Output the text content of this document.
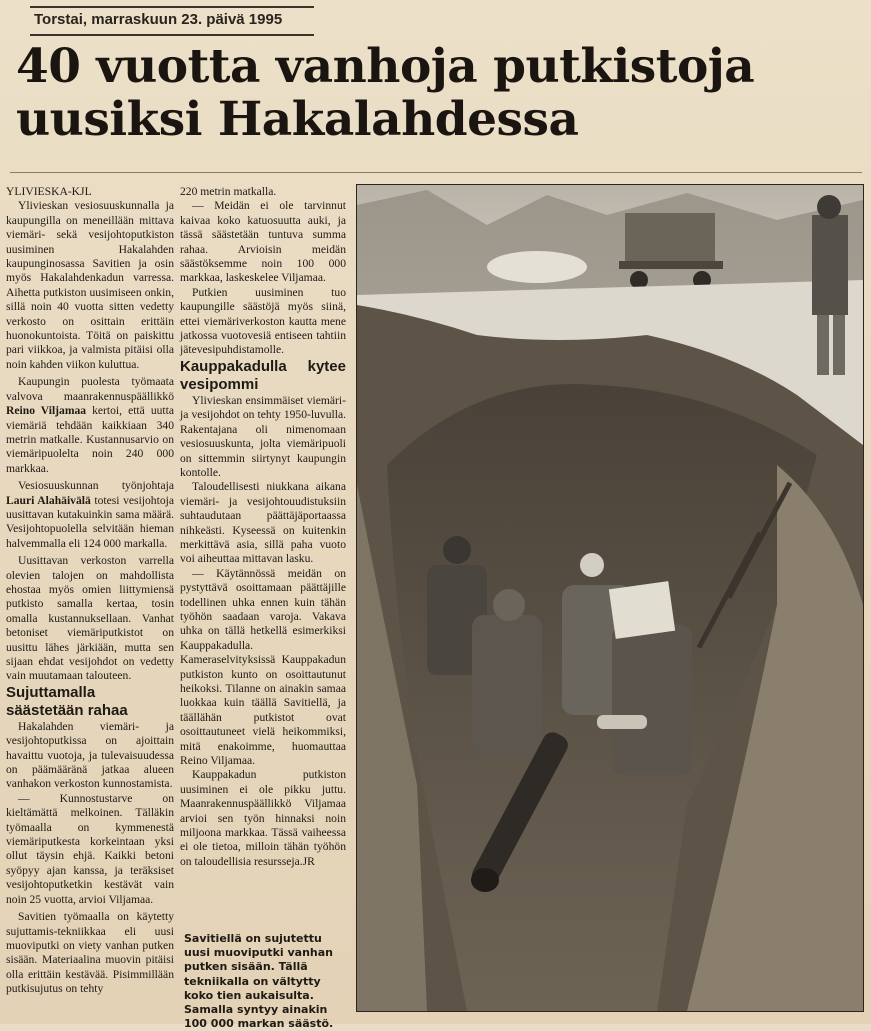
Torstai, marraskuun 23. päivä 1995
40 vuotta vanhoja putkistoja uusiksi Hakalahdessa

YLIVIESKA-KJL

Ylivieskan vesiosuuskunnalla ja kaupungilla on meneillään mittava viemäri- sekä vesijohtoputkiston uusiminen Hakalahden kaupunginosassa Savitien ja osin myös Hakalahdenkadun varressa. Aihetta putkiston uusimiseen onkin, sillä noin 40 vuotta sitten vedetty verkosto on osittain erittäin huonokuntoista. Töitä on paiskittu pari viikkoa, ja valmista pitäisi olla noin kahden viikon kuluttua.

Kaupungin puolesta työmaata valvova maanrakennuspäällikkö Reino Viljamaa kertoi, että uutta viemäriä tehdään kaikkiaan 340 metrin matkalle. Kustannusarvio on viemäripuolelta noin 240 000 markkaa.

Vesiosuuskunnan työnjohtaja Lauri Alahäivälä totesi vesijohtoja uusittavan kutakuinkin sama määrä. Vesijohtopuolella selvitään hieman halvemmalla eli 124 000 markalla.

Uusittavan verkoston varrella olevien talojen on mahdollista ehostaa myös omien liittymiensä putkisto samalla kertaa, tosin omalla kustannuksellaan. Vanhat betoniset viemäriputkistot on uusittu lähes järkiään, mutta sen sijaan ehdat vesijohdot on vedetty vain muutamaan talouteen.

Sujuttamalla säästetään rahaa

Hakalahden viemäri- ja vesijohtoputkissa on ajoittain havaittu vuotoja, ja tulevaisuudessa on päämääränä jatkaa alueen vanhakon verkoston kunnostamista.

— Kunnostustarve on kieltämättä melkoinen. Tälläkin työmaalla on kymmenestä viemäriputkesta korkeintaan yksi ollut täysin ehjä. Kaikki betoni syöpyy ajan kanssa, ja teräksiset vesijohtoputketkin kestävät vain noin 25 vuotta, arvioi Viljamaa.

Savitien työmaalla on käytetty sujuttamis-tekniikkaa eli uusi muoviputki on viety vanhan putken sisään. Materiaalina muovin pitäisi olla erittäin kestävää. Pisimmillään putkisujutus on tehty

220 metrin matkalla.

— Meidän ei ole tarvinnut kaivaa koko katuosuutta auki, ja tässä säästetään tuntuva summa rahaa. Arvioisin meidän säästöksemme noin 100 000 markkaa, laskeskelee Viljamaa.

Putkien uusiminen tuo kaupungille säästöjä myös siinä, ettei viemäriverkoston kautta mene jatkossa vuotovesiä entiseen tahtiin jätevesipuhdistamolle.

Kauppakadulla kytee vesipommi

Ylivieskan ensimmäiset viemäri- ja vesijohdot on tehty 1950-luvulla. Rakentajana oli nimenomaan vesiosuuskunta, jolta viemäripuoli on sittemmin siirtynyt kaupungin kontolle.

Taloudellisesti niukkana aikana viemäri- ja vesijohtouudistuksiin suhtaudutaan päättäjäportaassa nihkeästi. Kyseessä on kuitenkin merkittävä asia, sillä paha vuoto voi aiheuttaa mittavan lasku.

— Käytännössä meidän on pystyttävä osoittamaan päättäjille todellinen uhka ennen kuin tähän työhön saadaan varoja. Vakava uhka on tällä hetkellä esimerkiksi Kauppakadulla. Kameraselvityksissä Kauppakadun putkiston kunto on osoittautunut heikoksi. Tilanne on ainakin samaa luokkaa kuin täällä Savitiellä, ja täällähän putkistot ovat osoittautuneet vielä heikommiksi, mitä enakoimme, huomauttaa Reino Viljamaa.

Kauppakadun putkiston uusiminen ei ole pikku juttu. Maanrakennuspäällikkö Viljamaa arvioi sen työn hinnaksi noin miljoona markkaa. Tässä vaiheessa ei ole tietoa, milloin tähän työhön on taloudellisia resursseja.JR

Savitiellä on sujutettu uusi muoviputki vanhan putken sisään. Tällä tekniikalla on vältytty koko tien aukaisulta. Samalla syntyy ainakin 100 000 markan säästö.
